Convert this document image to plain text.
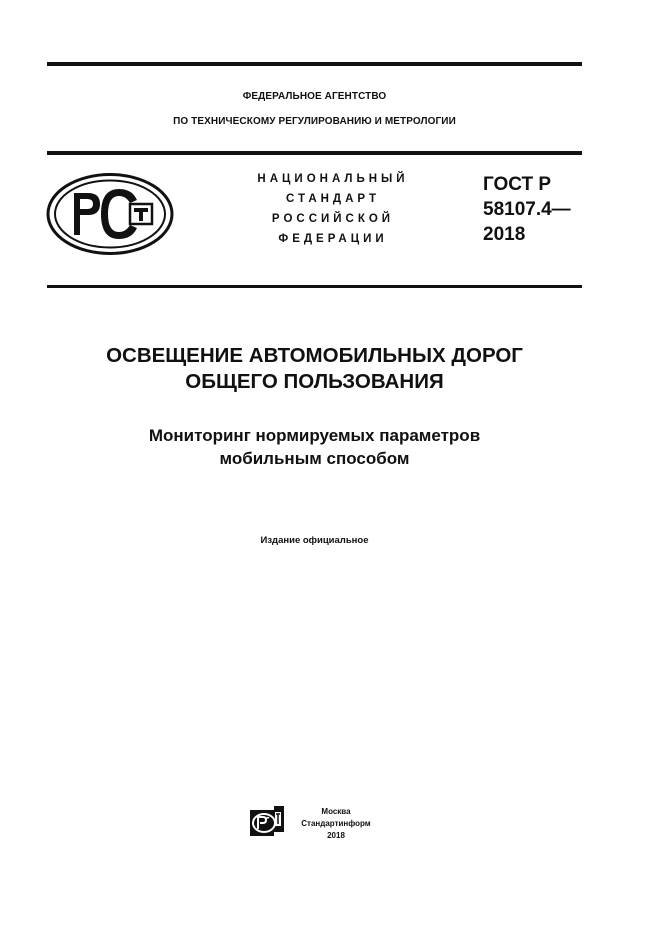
ФЕДЕРАЛЬНОЕ АГЕНТСТВО
ПО ТЕХНИЧЕСКОМУ РЕГУЛИРОВАНИЮ И МЕТРОЛОГИИ
НАЦИОНАЛЬНЫЙ
СТАНДАРТ
РОССИЙСКОЙ
ФЕДЕРАЦИИ
ГОСТ Р
58107.4—
2018
ОСВЕЩЕНИЕ АВТОМОБИЛЬНЫХ ДОРОГ
ОБЩЕГО ПОЛЬЗОВАНИЯ
Мониторинг нормируемых параметров
мобильным способом
Издание официальное
Москва
Стандартинформ
2018
